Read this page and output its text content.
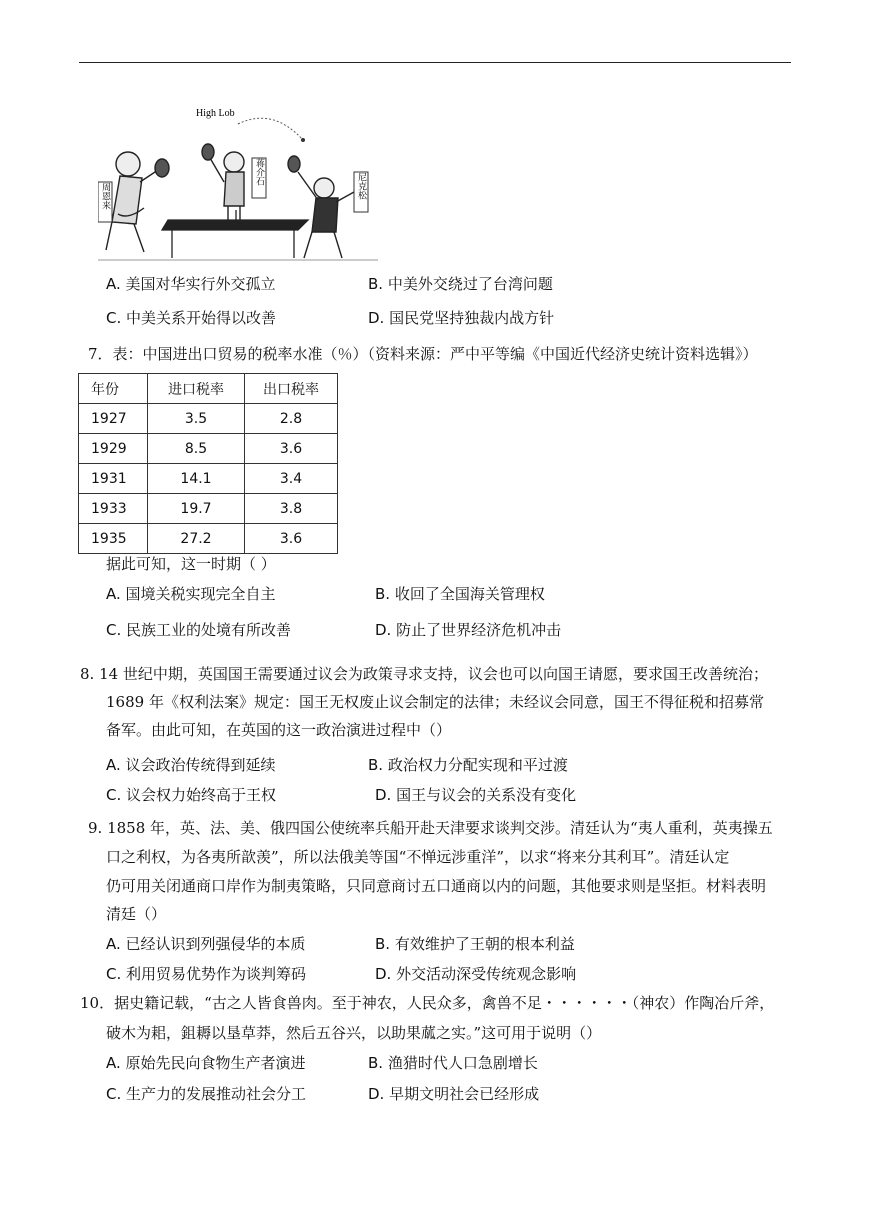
High Lob
周恩来
蒋介石
尼克松
A. 美国对华实行外交孤立	B. 中美外交绕过了台湾问题
C. 中美关系开始得以改善	D. 国民党坚持独裁内战方针
7．表：中国进出口贸易的税率水准（％）（资料来源：严中平等编《中国近代经济史统计资料选辑》）
年份	进口税率	出口税率
1927	3.5	2.8
1929	8.5	3.6
1931	14.1	3.4
1933	19.7	3.8
1935	27.2	3.6
据此可知，这一时期（ ）
A. 国境关税实现完全自主	B. 收回了全国海关管理权
C. 民族工业的处境有所改善	D. 防止了世界经济危机冲击
8. 14 世纪中期，英国国王需要通过议会为政策寻求支持，议会也可以向国王请愿，要求国王改善统治；
1689 年《权利法案》规定：国王无权废止议会制定的法律；未经议会同意，国王不得征税和招募常
备军。由此可知，在英国的这一政治演进过程中（）
A. 议会政治传统得到延续	B. 政治权力分配实现和平过渡
C. 议会权力始终高于王权	D. 国王与议会的关系没有变化
9. 1858 年，英、法、美、俄四国公使统率兵船开赴天津要求谈判交涉。清廷认为“夷人重利，英夷操五
口之利权，为各夷所歆羡”，所以法俄美等国“不惮远涉重洋”，以求“将来分其利耳”。清廷认定
仍可用关闭通商口岸作为制夷策略，只同意商讨五口通商以内的问题，其他要求则是坚拒。材料表明
清廷（）
A. 已经认识到列强侵华的本质	B. 有效维护了王朝的根本利益
C. 利用贸易优势作为谈判筹码	D. 外交活动深受传统观念影响
10．据史籍记载，“古之人皆食兽肉。至于神农，人民众多，禽兽不足・・・・・・（神农）作陶冶斤斧，
破木为耜，鉏耨以垦草莽，然后五谷兴，以助果蓏之实。”这可用于说明（）
A. 原始先民向食物生产者演进	B. 渔猎时代人口急剧增长
C. 生产力的发展推动社会分工	D. 早期文明社会已经形成
